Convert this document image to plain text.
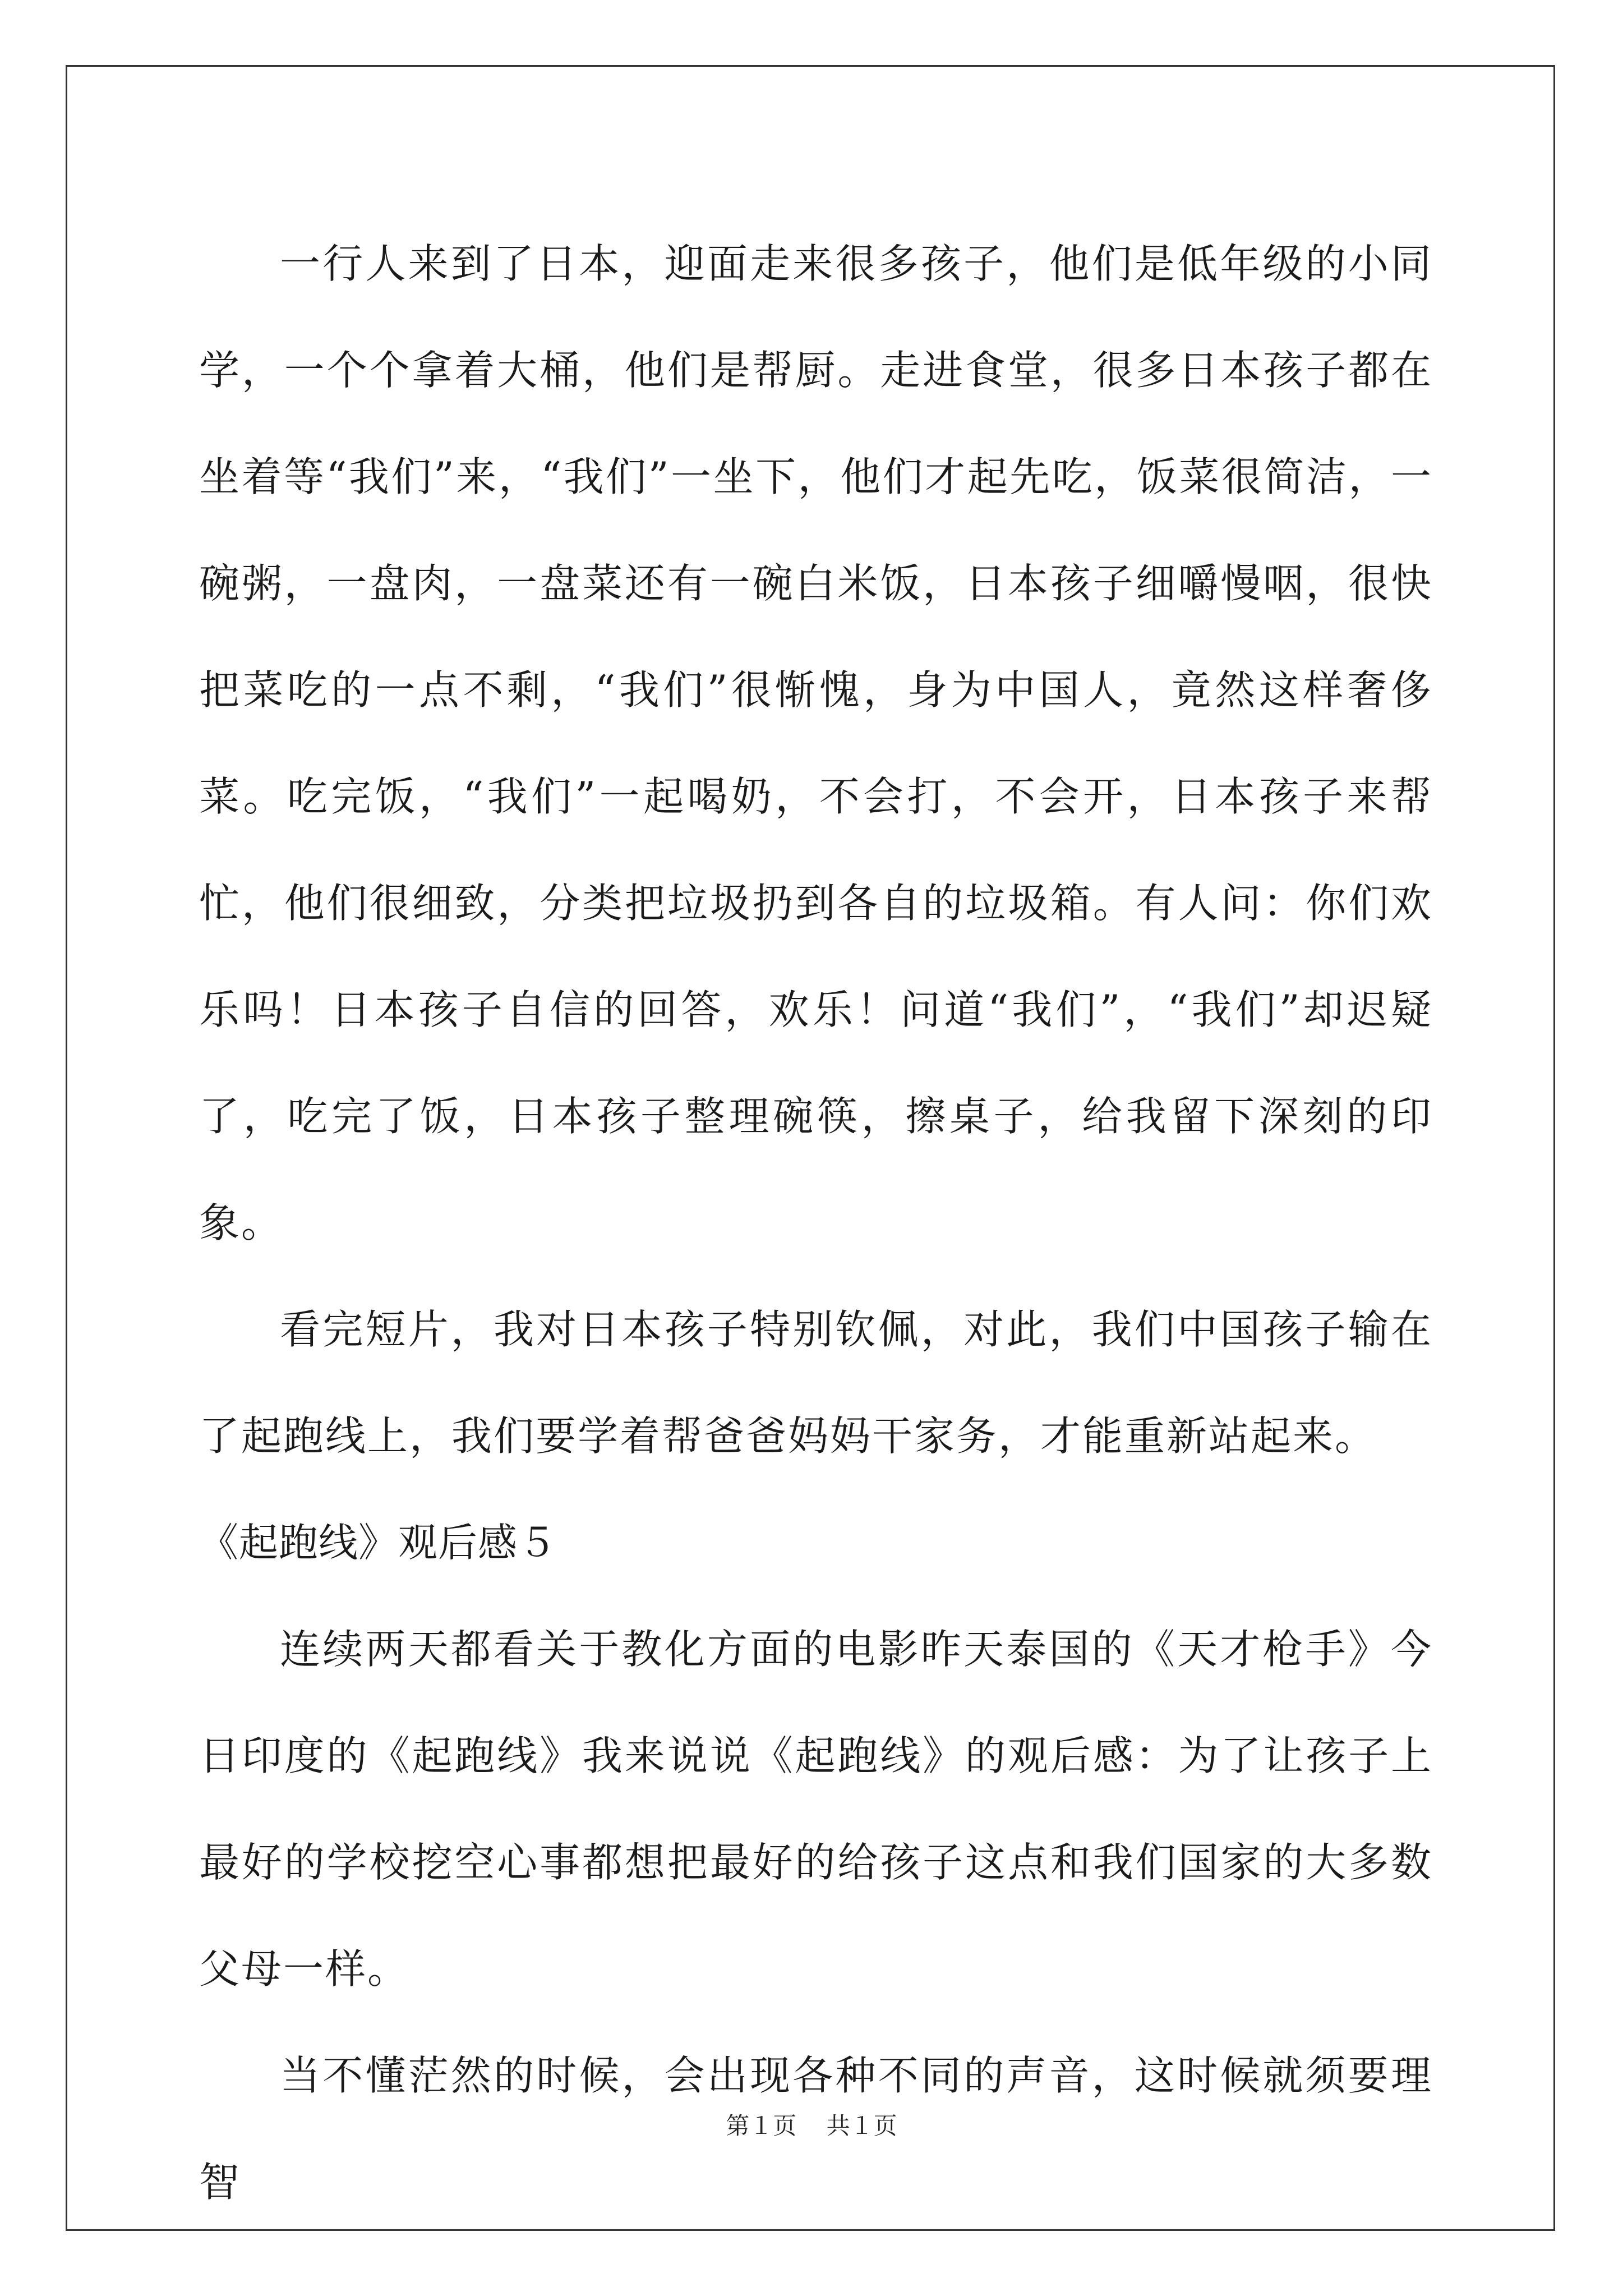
一行人来到了日本，迎面走来很多孩子，他们是低年级的小同学，一个个拿着大桶，他们是帮厨。走进食堂，很多日本孩子都在坐着等“我们”来，“我们”一坐下，他们才起先吃，饭菜很简洁，一碗粥，一盘肉，一盘菜还有一碗白米饭，日本孩子细嚼慢咽，很快把菜吃的一点不剩，“我们”很惭愧，身为中国人，竟然这样奢侈菜。吃完饭，“我们”一起喝奶，不会打，不会开，日本孩子来帮忙，他们很细致，分类把垃圾扔到各自的垃圾箱。有人问：你们欢乐吗！日本孩子自信的回答，欢乐！问道“我们”，“我们”却迟疑了，吃完了饭，日本孩子整理碗筷，擦桌子，给我留下深刻的印象。

看完短片，我对日本孩子特别钦佩，对此，我们中国孩子输在了起跑线上，我们要学着帮爸爸妈妈干家务，才能重新站起来。

《起跑线》观后感５

连续两天都看关于教化方面的电影昨天泰国的《天才枪手》今日印度的《起跑线》我来说说《起跑线》的观后感：为了让孩子上最好的学校挖空心事都想把最好的给孩子这点和我们国家的大多数父母一样。

当不懂茫然的时候，会出现各种不同的声音，这时候就须要理智

第１页 共１页
